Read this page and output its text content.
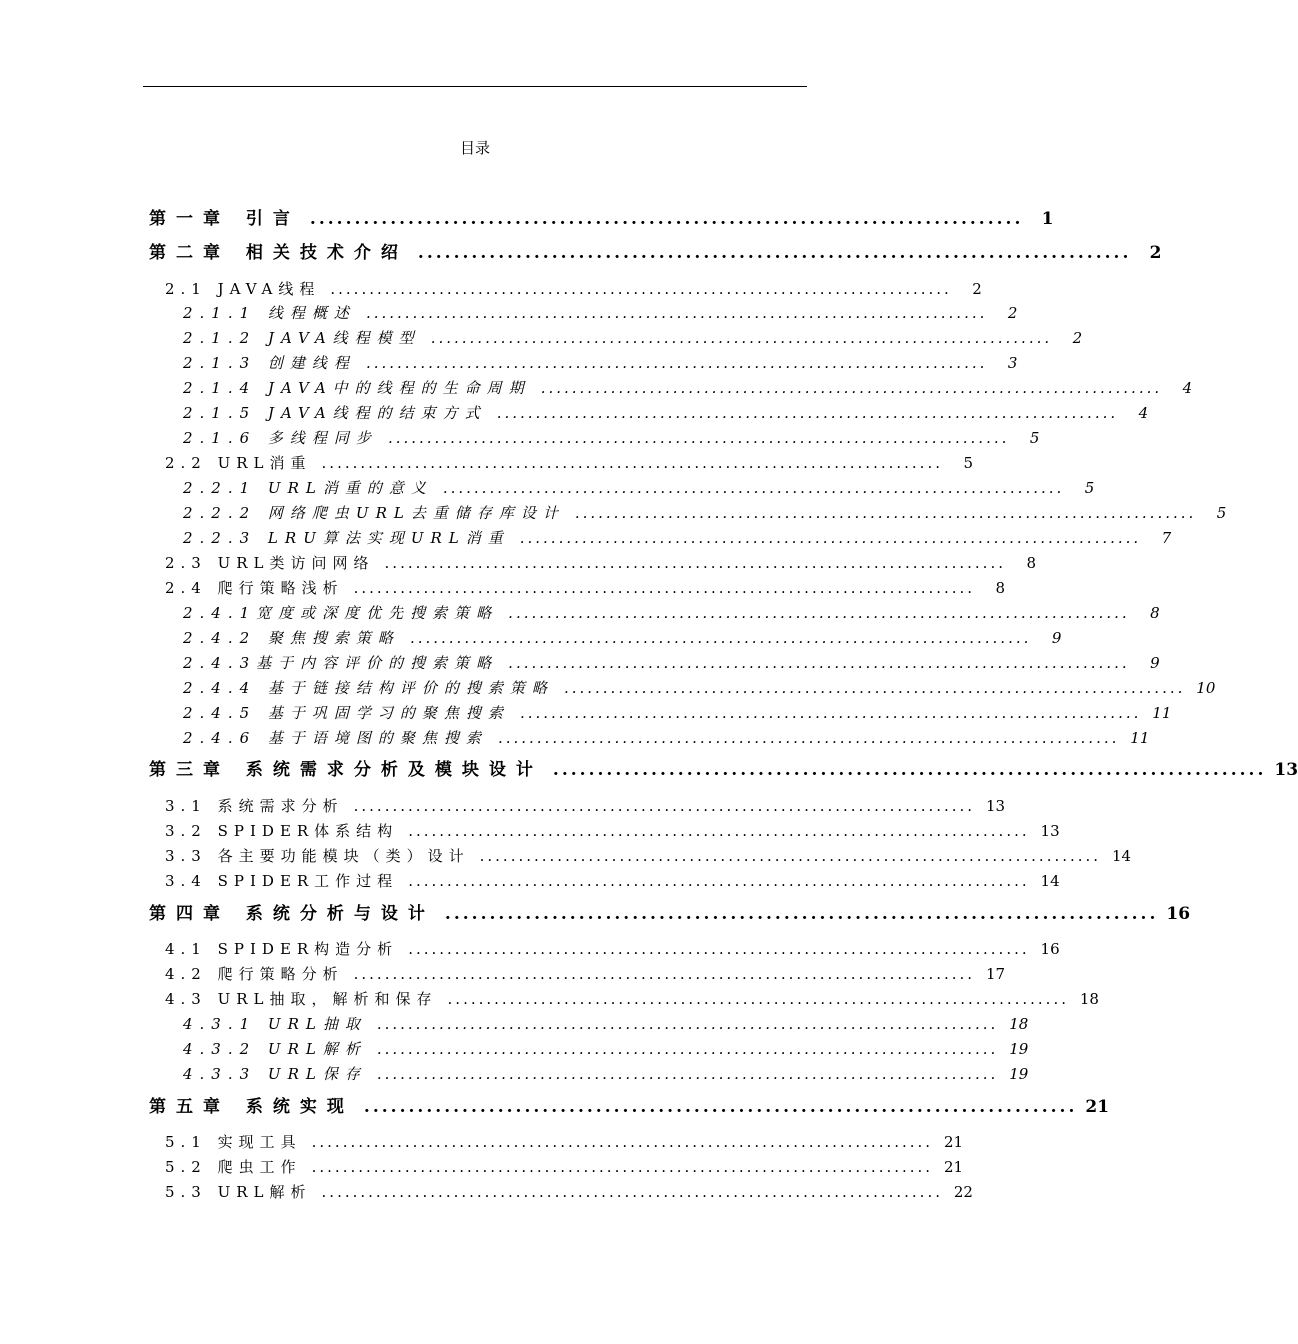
目录
第一章 引言 ................................................................................	1
第二章 相关技术介绍 ................................................................................	2
2.1 JAVA线程 ................................................................................	2
2.1.1 线程概述 ................................................................................	2
2.1.2 JAVA线程模型 ................................................................................	2
2.1.3 创建线程 ................................................................................	3
2.1.4 JAVA中的线程的生命周期 ................................................................................	4
2.1.5 JAVA线程的结束方式 ................................................................................	4
2.1.6 多线程同步 ................................................................................	5
2.2 URL消重 ................................................................................	5
2.2.1 URL消重的意义 ................................................................................	5
2.2.2 网络爬虫URL去重储存库设计 ................................................................................	5
2.2.3 LRU算法实现URL消重 ................................................................................	7
2.3 URL类访问网络 ................................................................................	8
2.4 爬行策略浅析 ................................................................................	8
2.4.1宽度或深度优先搜索策略 ................................................................................	8
2.4.2 聚焦搜索策略 ................................................................................	9
2.4.3基于内容评价的搜索策略 ................................................................................	9
2.4.4 基于链接结构评价的搜索策略 ................................................................................ 10
2.4.5 基于巩固学习的聚焦搜索 ................................................................................ 11
2.4.6 基于语境图的聚焦搜索 ................................................................................ 11
第三章 系统需求分析及模块设计 ................................................................................ 13
3.1 系统需求分析 ................................................................................ 13
3.2 SPIDER体系结构 ................................................................................ 13
3.3 各主要功能模块（类）设计 ................................................................................ 14
3.4 SPIDER工作过程 ................................................................................ 14
第四章 系统分析与设计 ................................................................................ 16
4.1 SPIDER构造分析 ................................................................................ 16
4.2 爬行策略分析 ................................................................................ 17
4.3 URL抽取，解析和保存 ................................................................................ 18
4.3.1 URL抽取 ................................................................................ 18
4.3.2 URL解析 ................................................................................ 19
4.3.3 URL保存 ................................................................................ 19
第五章 系统实现 ................................................................................ 21
5.1 实现工具 ................................................................................ 21
5.2 爬虫工作 ................................................................................ 21
5.3 URL解析 ................................................................................ 22
